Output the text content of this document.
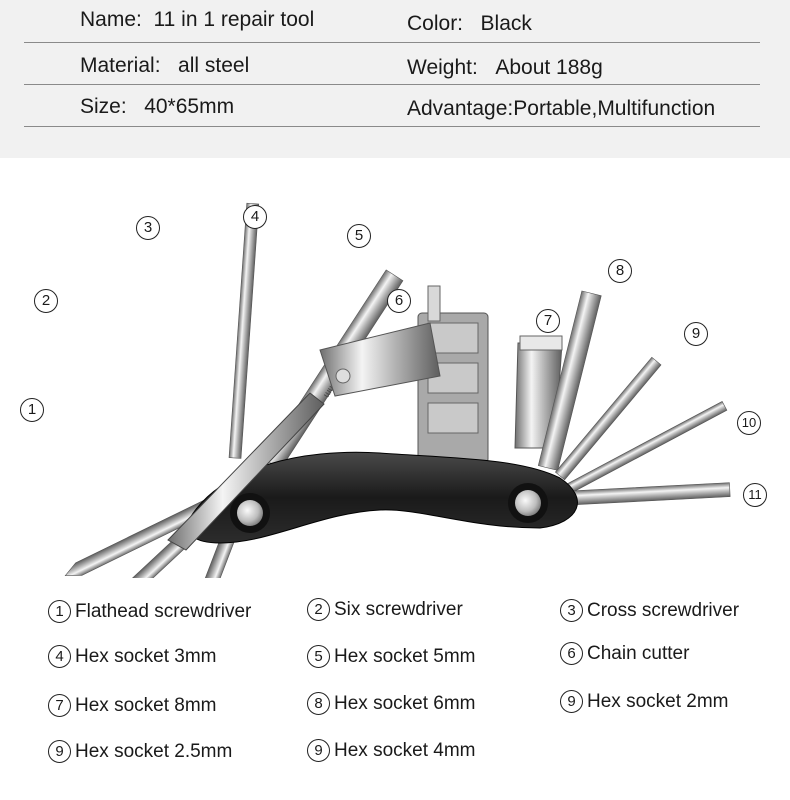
Name: 11 in 1 repair tool	Color: Black
Material: all steel	Weight: About 188g
Size: 40*65mm	Advantage:Portable,Multifunction
5mm
1
2
3
4
5
6
7
8
9
10
11
1 Flathead screwdriver	2 Six screwdriver	3 Cross screwdriver
4 Hex socket 3mm	5 Hex socket 5mm	6 Chain cutter
7 Hex socket 8mm	8 Hex socket 6mm	9 Hex socket 2mm
9 Hex socket 2.5mm	9 Hex socket 4mm
